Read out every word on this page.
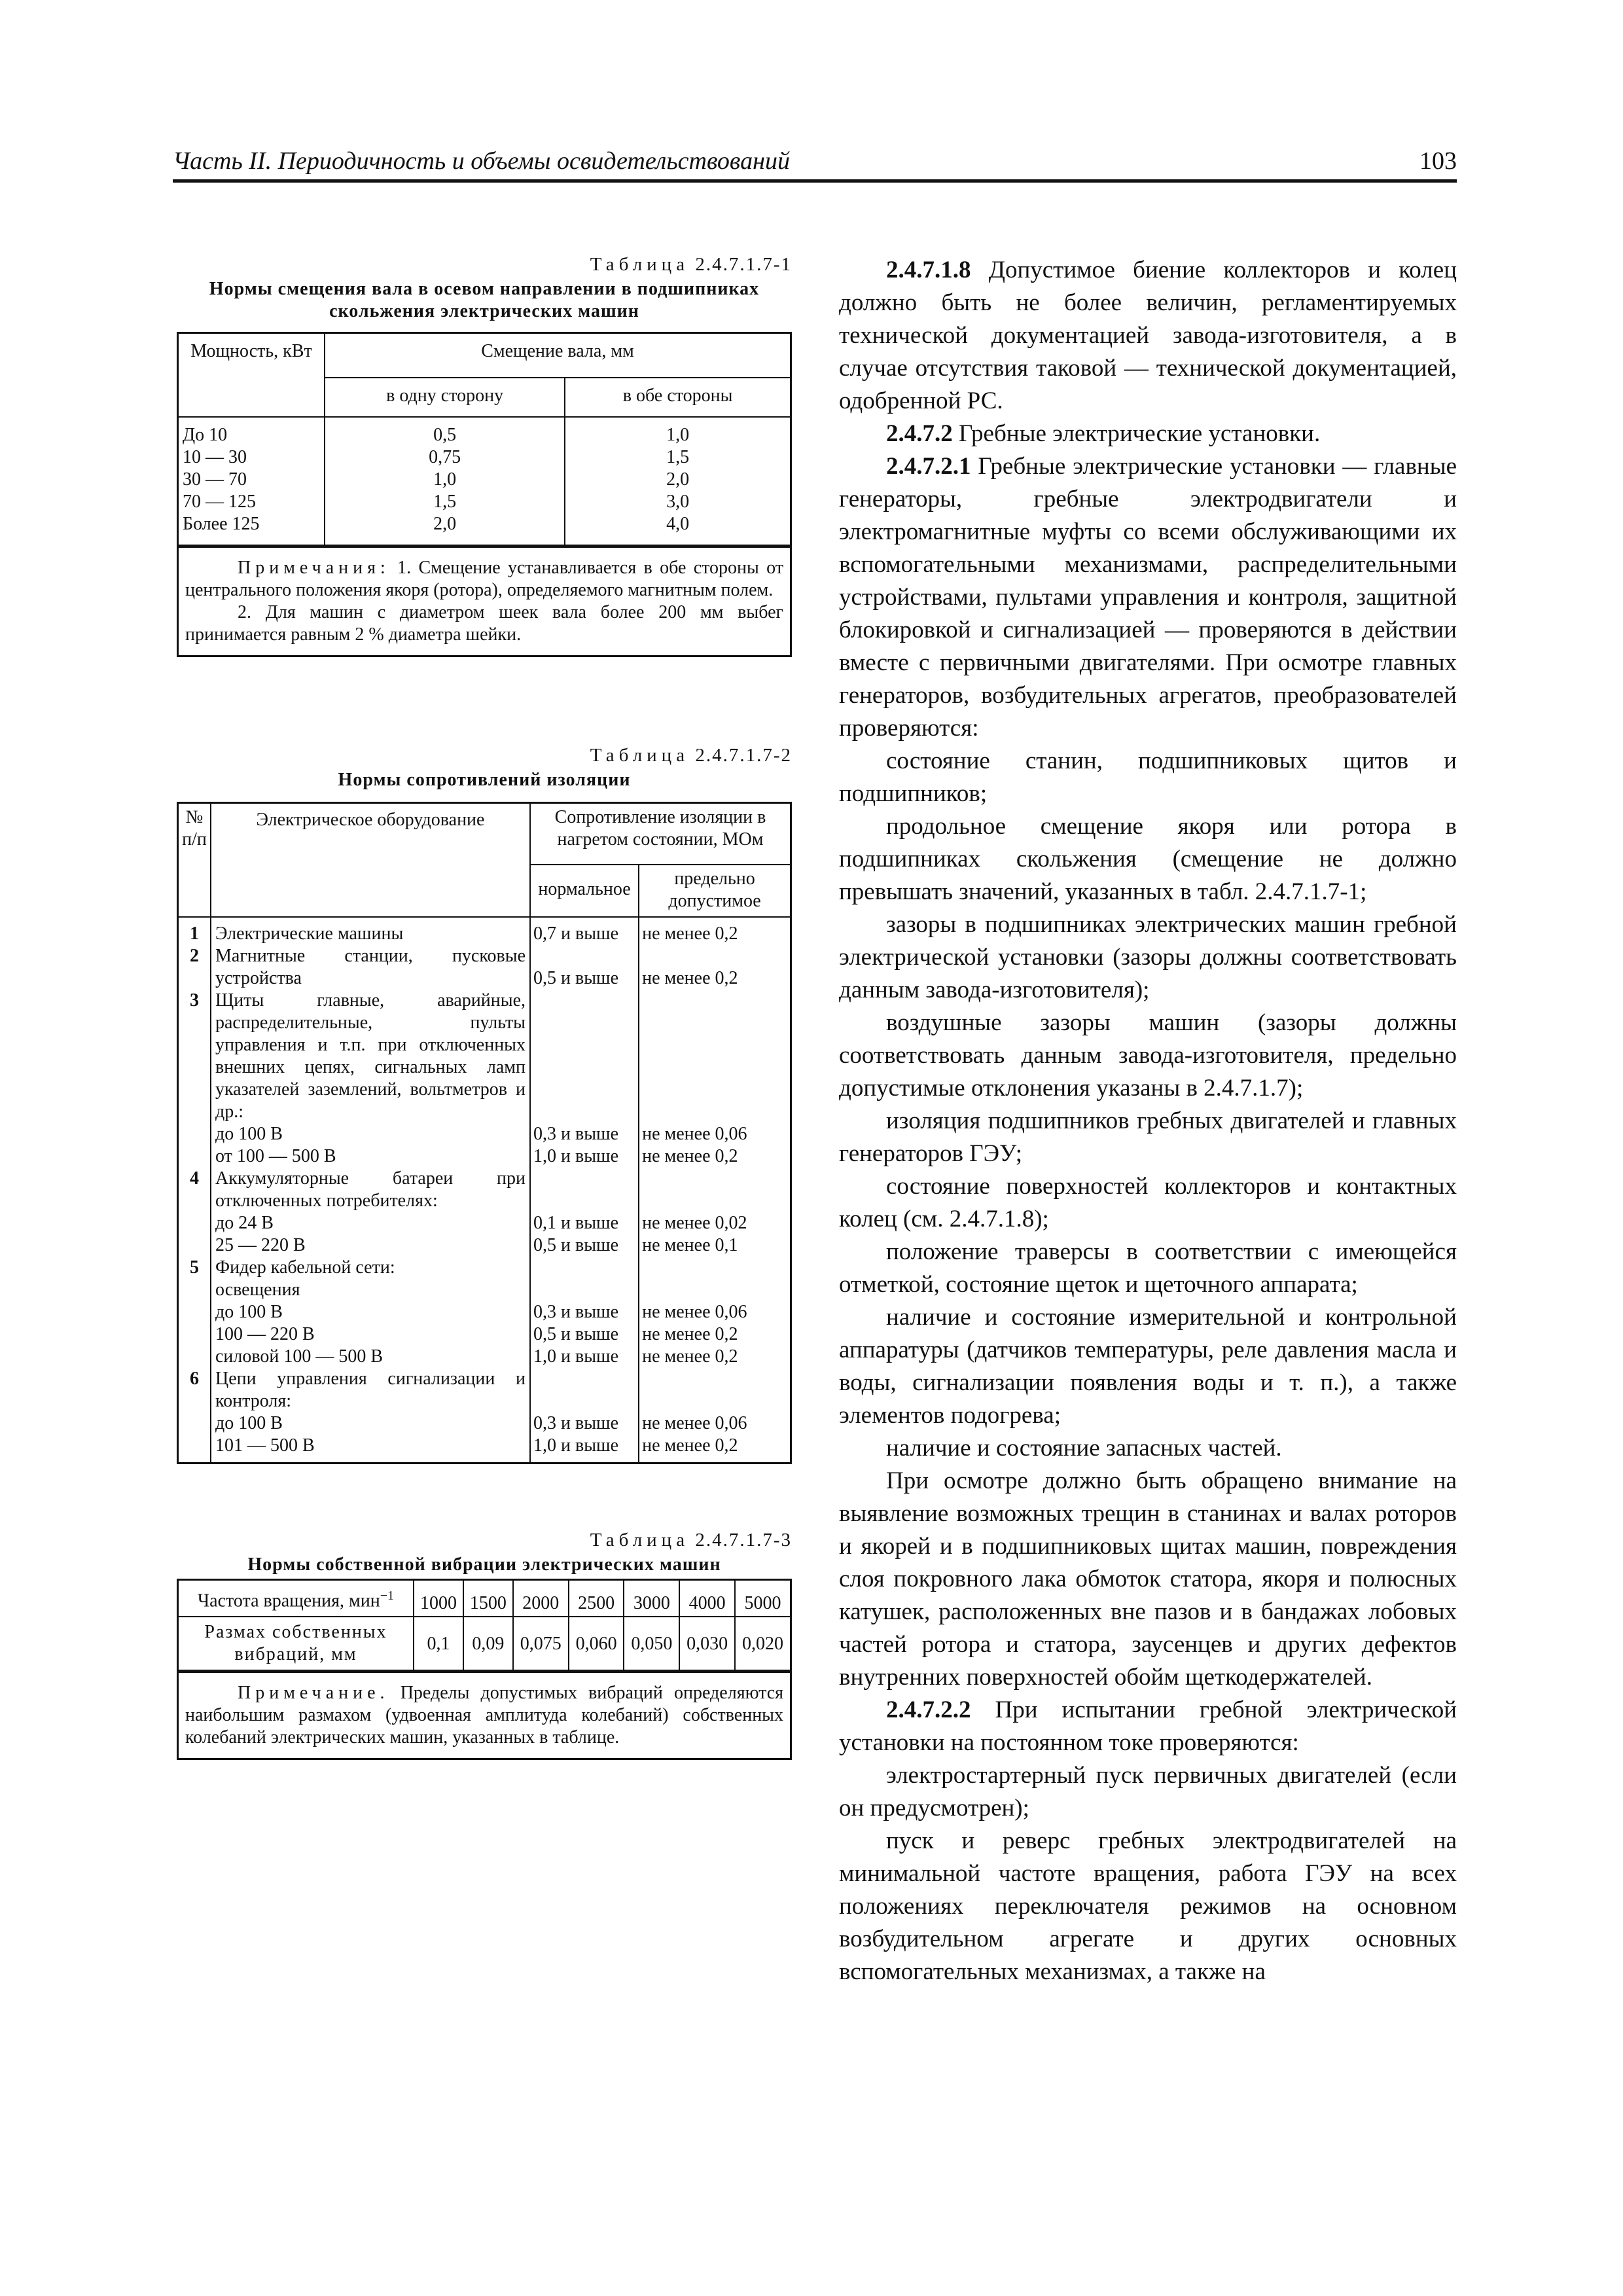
Часть II. Периодичность и объемы освидетельствований	103
Таблица 2.4.7.1.7-1
Нормы смещения вала в осевом направлении в подшипниках скольжения электрических машин
Мощность, кВт	Смещение вала, мм	
	в одну сторону	в обе стороны
До 10	0,5	1,0
10 — 30	0,75	1,5
30 — 70	1,0	2,0
70 — 125	1,5	3,0
Более 125	2,0	4,0

Примечания: 1. Смещение устанавливается в обе стороны от центрального положения якоря (ротора), определяемого магнитным полем.

2. Для машин с диаметром шеек вала более 200 мм выбег принимается равным 2 % диаметра шейки.

Таблица 2.4.7.1.7-2
Нормы сопротивлений изоляции
№ п/п	Электрическое оборудование	Сопротивление изоляции в нагретом состоянии, МОм	
		нормальное	предельно допустимое
1	Электрические машины	0,7 и выше	не менее 0,2
2	Магнитные станции, пусковые устройства	0,5 и выше	не менее 0,2
3	Щиты главные, аварийные, распределительные, пульты управления и т.п. при отключенных внешних цепях, сигнальных ламп указателей заземлений, вольтметров и др.:		
	до 100 В	0,3 и выше	не менее 0,06
	от 100 — 500 В	1,0 и выше	не менее 0,2
4	Аккумуляторные батареи при отключенных потребителях:		
	до 24 В	0,1 и выше	не менее 0,02
	25 — 220 В	0,5 и выше	не менее 0,1
5	Фидер кабельной сети:		
	освещения		
	до 100 В	0,3 и выше	не менее 0,06
	100 — 220 В	0,5 и выше	не менее 0,2
	силовой 100 — 500 В	1,0 и выше	не менее 0,2
6	Цепи управления сигнализации и контроля:		
	до 100 В	0,3 и выше	не менее 0,06
	101 — 500 В	1,0 и выше	не менее 0,2

Таблица 2.4.7.1.7-3
Нормы собственной вибрации электрических машин
Частота вращения, мин$^{-1}$	1000	1500	2000	2500	3000	4000	5000
Размах собственных вибраций, мм	0,1	0,09	0,075	0,060	0,050	0,030	0,020

Примечание. Пределы допустимых вибраций определяются наибольшим размахом (удвоенная амплитуда колебаний) собственных колебаний электрических машин, указанных в таблице.

2.4.7.1.8 Допустимое биение коллекторов и колец должно быть не более величин, регламентируемых технической документацией завода-изготовителя, а в случае отсутствия таковой — технической документацией, одобренной РС.

2.4.7.2 Гребные электрические установки.

2.4.7.2.1 Гребные электрические установки — главные генераторы, гребные электродвигатели и электромагнитные муфты со всеми обслуживающими их вспомогательными механизмами, распределительными устройствами, пультами управления и контроля, защитной блокировкой и сигнализацией — проверяются в действии вместе с первичными двигателями. При осмотре главных генераторов, возбудительных агрегатов, преобразователей проверяются:

состояние станин, подшипниковых щитов и подшипников;

продольное смещение якоря или ротора в подшипниках скольжения (смещение не должно превышать значений, указанных в табл. 2.4.7.1.7-1;

зазоры в подшипниках электрических машин гребной электрической установки (зазоры должны соответствовать данным завода-изготовителя);

воздушные зазоры машин (зазоры должны соответствовать данным завода-изготовителя, предельно допустимые отклонения указаны в 2.4.7.1.7);

изоляция подшипников гребных двигателей и главных генераторов ГЭУ;

состояние поверхностей коллекторов и контактных колец (см. 2.4.7.1.8);

положение траверсы в соответствии с имеющейся отметкой, состояние щеток и щеточного аппарата;

наличие и состояние измерительной и контрольной аппаратуры (датчиков температуры, реле давления масла и воды, сигнализации появления воды и т. п.), а также элементов подогрева;

наличие и состояние запасных частей.

При осмотре должно быть обращено внимание на выявление возможных трещин в станинах и валах роторов и якорей и в подшипниковых щитах машин, повреждения слоя покровного лака обмоток статора, якоря и полюсных катушек, расположенных вне пазов и в бандажах лобовых частей ротора и статора, заусенцев и других дефектов внутренних поверхностей обойм щеткодержателей.

2.4.7.2.2 При испытании гребной электрической установки на постоянном токе проверяются:

электростартерный пуск первичных двигателей (если он предусмотрен);

пуск и реверс гребных электродвигателей на минимальной частоте вращения, работа ГЭУ на всех положениях переключателя режимов на основном возбудительном агрегате и других основных вспомогательных механизмах, а также на
